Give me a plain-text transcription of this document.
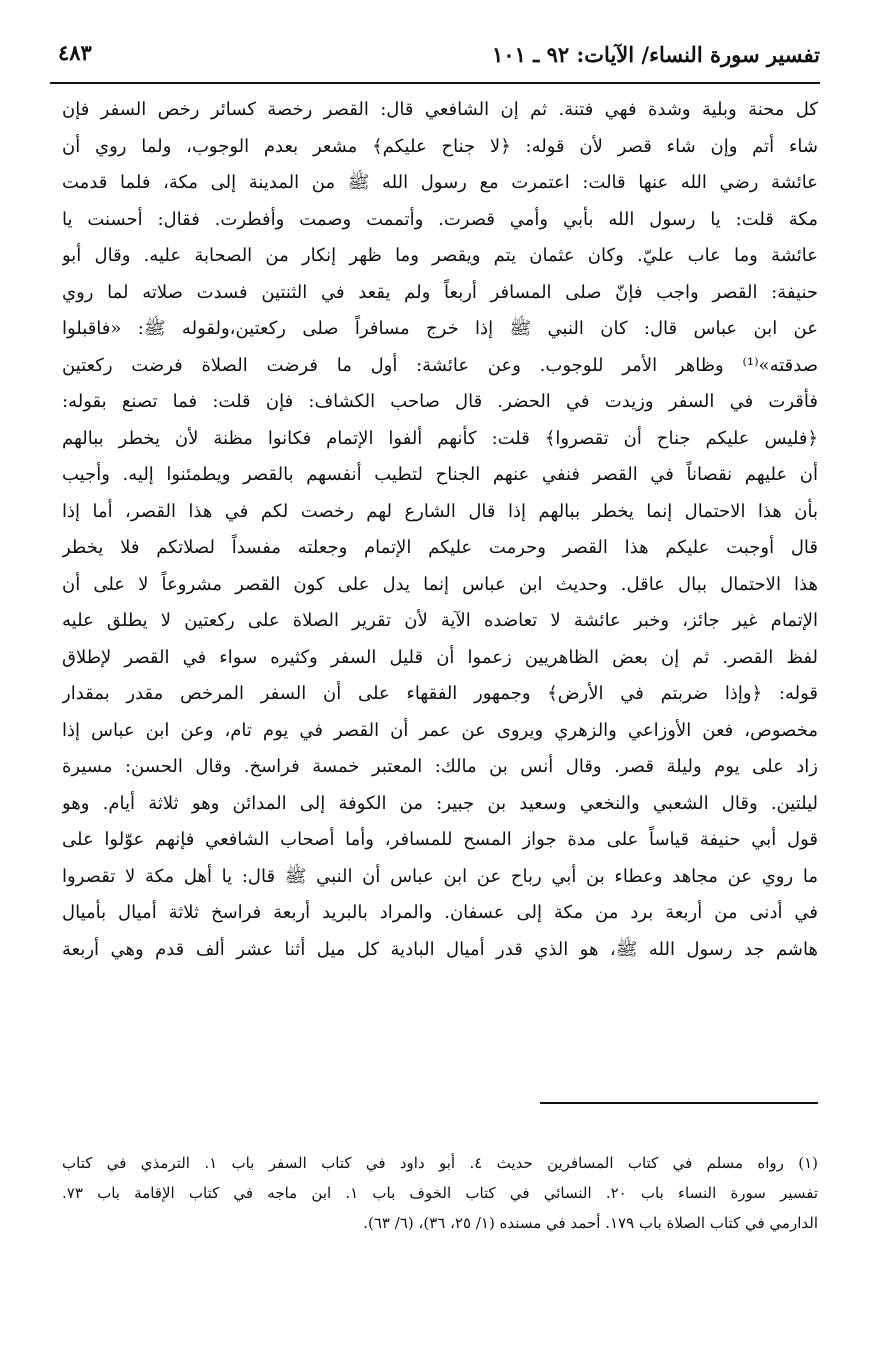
تفسير سورة النساء/ الآيات: ٩٢ ـ ١٠١
٤٨٣
كل محنة وبلية وشدة فهي فتنة. ثم إن الشافعي قال: القصر رخصة كسائر رخص السفر فإن
شاء أتم وإن شاء قصر لأن قوله: ﴿لا جناح عليكم﴾ مشعر بعدم الوجوب، ولما روي أن
عائشة رضي الله عنها قالت: اعتمرت مع رسول الله ﷺ من المدينة إلى مكة، فلما قدمت
مكة قلت: يا رسول الله بأبي وأمي قصرت. وأتممت وصمت وأفطرت. فقال: أحسنت يا
عائشة وما عاب عليّ. وكان عثمان يتم ويقصر وما ظهر إنكار من الصحابة عليه. وقال أبو
حنيفة: القصر واجب فإنّ صلى المسافر أربعاً ولم يقعد في الثنتين فسدت صلاته لما روي
عن ابن عباس قال: كان النبي ﷺ إذا خرج مسافراً صلى ركعتين،ولقوله ﷺ: «فاقبلوا
صدقته»⁽¹⁾ وظاهر الأمر للوجوب. وعن عائشة: أول ما فرضت الصلاة فرضت ركعتين
فأقرت في السفر وزيدت في الحضر. قال صاحب الكشاف: فإن قلت: فما تصنع بقوله:
﴿فليس عليكم جناح أن تقصروا﴾ قلت: كأنهم ألفوا الإتمام فكانوا مظنة لأن يخطر ببالهم
أن عليهم نقصاناً في القصر فنفي عنهم الجناح لتطيب أنفسهم بالقصر ويطمئنوا إليه. وأجيب
بأن هذا الاحتمال إنما يخطر ببالهم إذا قال الشارع لهم رخصت لكم في هذا القصر، أما إذا
قال أوجبت عليكم هذا القصر وحرمت عليكم الإتمام وجعلته مفسداً لصلاتكم فلا يخطر
هذا الاحتمال ببال عاقل. وحديث ابن عباس إنما يدل على كون القصر مشروعاً لا على أن
الإتمام غير جائز، وخبر عائشة لا تعاضده الآية لأن تقرير الصلاة على ركعتين لا يطلق عليه
لفظ القصر. ثم إن بعض الظاهريين زعموا أن قليل السفر وكثيره سواء في القصر لإطلاق
قوله: ﴿وإذا ضربتم في الأرض﴾ وجمهور الفقهاء على أن السفر المرخص مقدر بمقدار
مخصوص، فعن الأوزاعي والزهري ويروى عن عمر أن القصر في يوم تام، وعن ابن عباس إذا
زاد على يوم وليلة قصر. وقال أنس بن مالك: المعتبر خمسة فراسخ. وقال الحسن: مسيرة
ليلتين. وقال الشعبي والنخعي وسعيد بن جبير: من الكوفة إلى المدائن وهو ثلاثة أيام. وهو
قول أبي حنيفة قياساً على مدة جواز المسح للمسافر، وأما أصحاب الشافعي فإنهم عوّلوا على
ما روي عن مجاهد وعطاء بن أبي رباح عن ابن عباس أن النبي ﷺ قال: يا أهل مكة لا تقصروا
في أدنى من أربعة برد من مكة إلى عسفان. والمراد بالبريد أربعة فراسخ ثلاثة أميال بأميال
هاشم جد رسول الله ﷺ، هو الذي قدر أميال البادية كل ميل أثنا عشر ألف قدم وهي أربعة
(١) رواه مسلم في كتاب المسافرين حديث ٤. أبو داود في كتاب السفر باب ١. الترمذي في كتاب
تفسير سورة النساء باب ٢٠. النسائي في كتاب الخوف باب ١. ابن ماجه في كتاب الإقامة باب ٧٣.
الدارمي في كتاب الصلاة باب ١٧٩. أحمد في مسنده (١/ ٢٥، ٣٦)، (٦/ ٦٣).
